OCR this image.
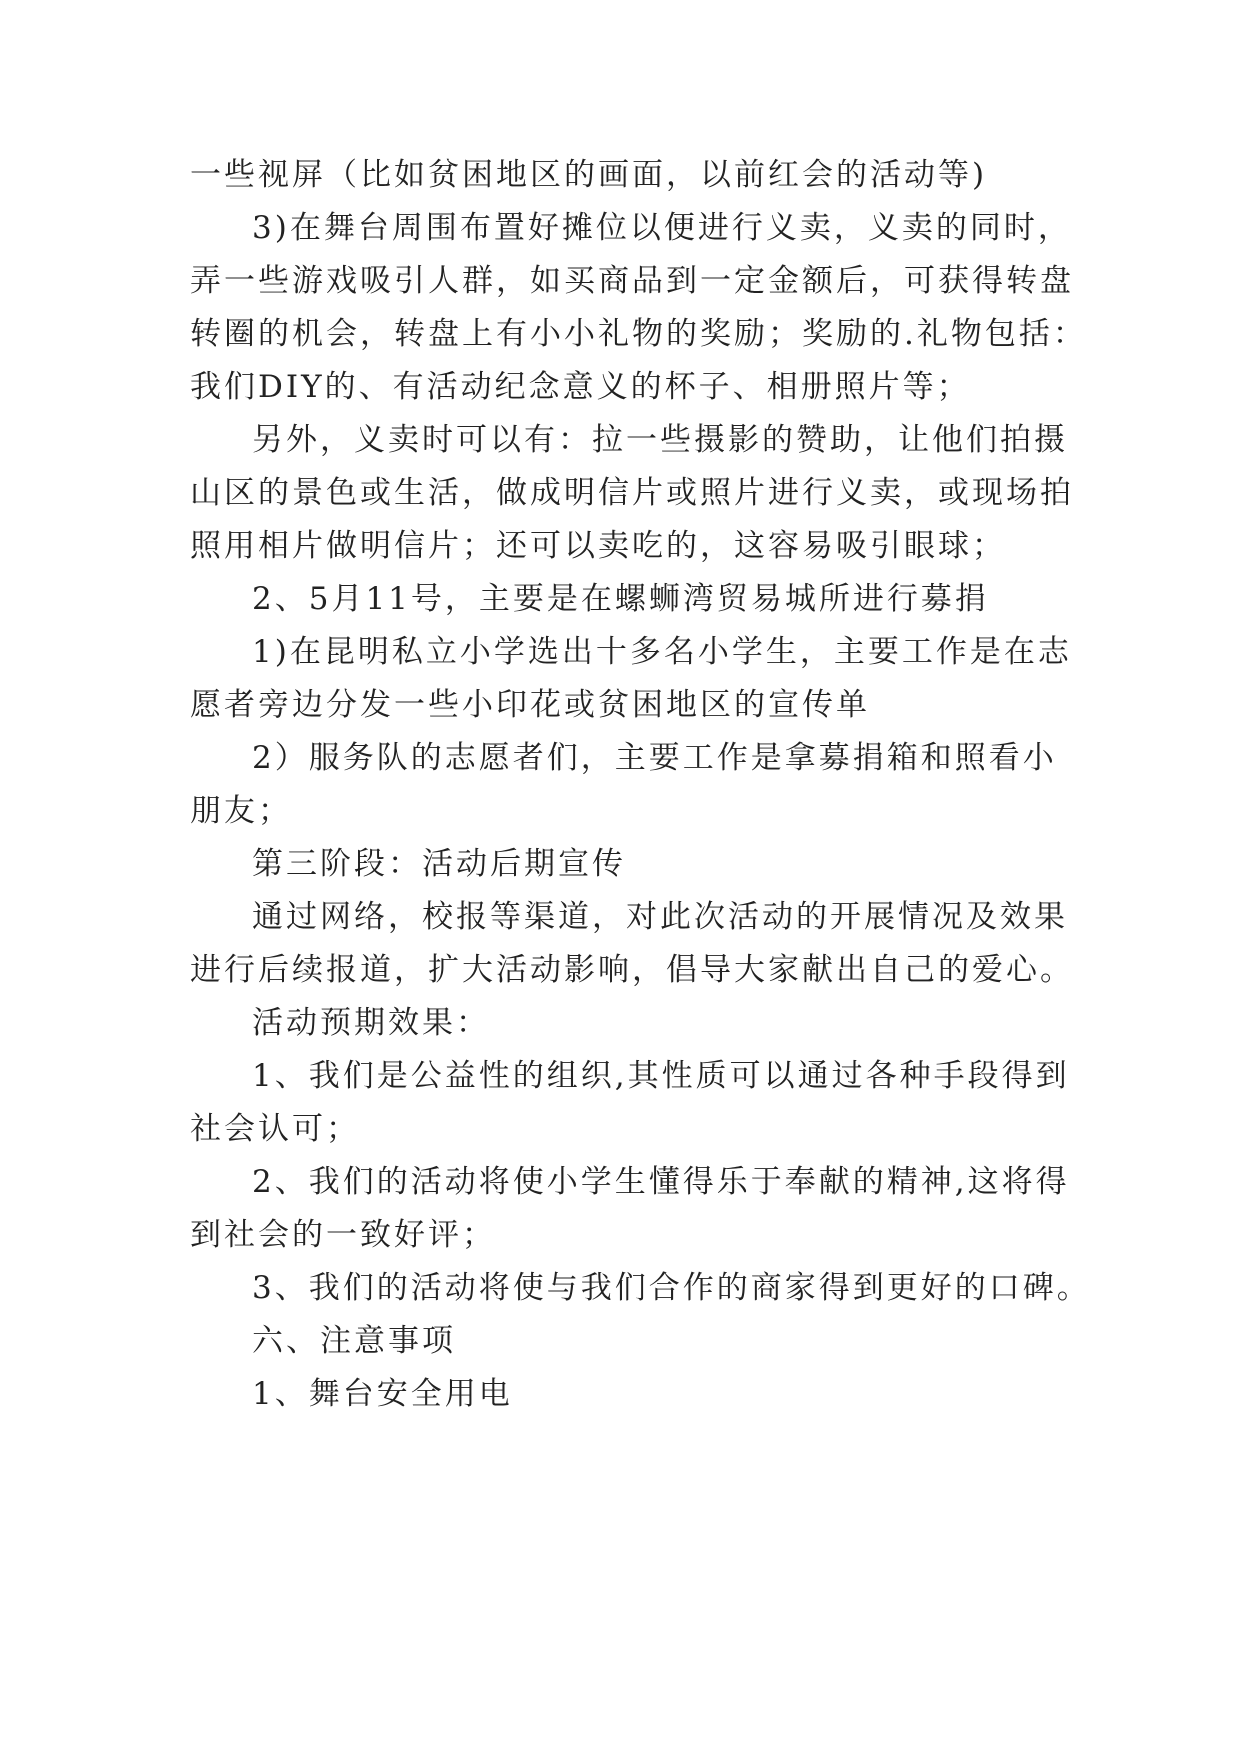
一些视屏（比如贫困地区的画面，以前红会的活动等)
3)在舞台周围布置好摊位以便进行义卖，义卖的同时，
弄一些游戏吸引人群，如买商品到一定金额后，可获得转盘
转圈的机会，转盘上有小小礼物的奖励；奖励的.礼物包括：
我们DIY的、有活动纪念意义的杯子、相册照片等；
另外，义卖时可以有：拉一些摄影的赞助，让他们拍摄
山区的景色或生活，做成明信片或照片进行义卖，或现场拍
照用相片做明信片；还可以卖吃的，这容易吸引眼球；
2、5月11号，主要是在螺蛳湾贸易城所进行募捐
1)在昆明私立小学选出十多名小学生，主要工作是在志
愿者旁边分发一些小印花或贫困地区的宣传单
2）服务队的志愿者们，主要工作是拿募捐箱和照看小
朋友；
第三阶段：活动后期宣传
通过网络，校报等渠道，对此次活动的开展情况及效果
进行后续报道，扩大活动影响，倡导大家献出自己的爱心。
活动预期效果：
1、我们是公益性的组织,其性质可以通过各种手段得到
社会认可；
2、我们的活动将使小学生懂得乐于奉献的精神,这将得
到社会的一致好评；
3、我们的活动将使与我们合作的商家得到更好的口碑。
六、注意事项
1、舞台安全用电
